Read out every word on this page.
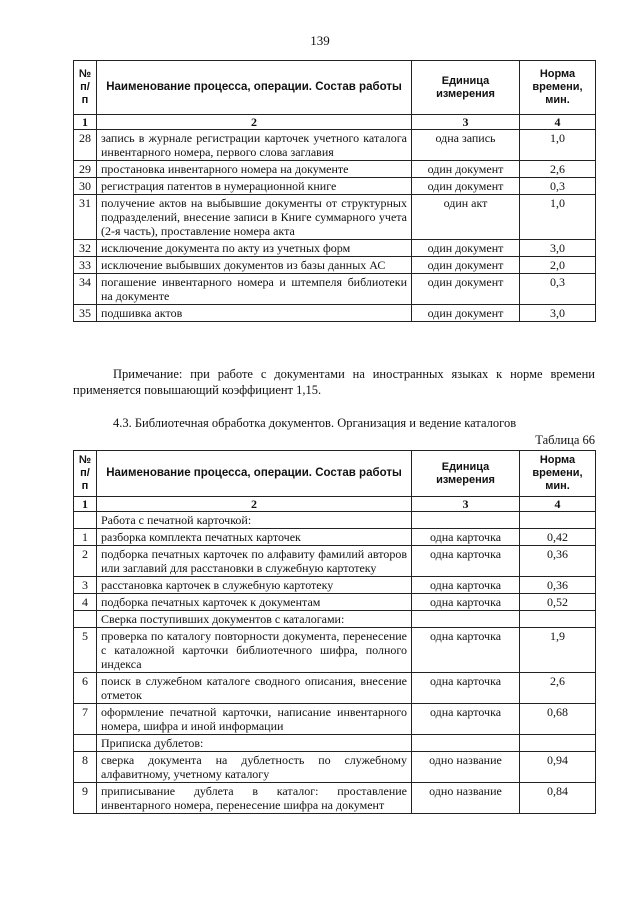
139
№ п/п	Наименование процесса, операции. Состав работы	Единица измерения	Норма времени, мин.
1	2	3	4
28	запись в журнале регистрации карточек учетного каталога инвентарного номера, первого слова заглавия	одна запись	1,0
29	простановка инвентарного номера на документе	один документ	2,6
30	регистрация патентов в нумерационной книге	один документ	0,3
31	получение актов на выбывшие документы от структурных подразделений, внесение записи в Книге суммарного учета (2-я часть), проставление номера акта	один акт	1,0
32	исключение документа по акту из учетных форм	один документ	3,0
33	исключение выбывших документов из базы данных АС	один документ	2,0
34	погашение инвентарного номера и штемпеля библиотеки на документе	один документ	0,3
35	подшивка актов	один документ	3,0

Примечание: при работе с документами на иностранных языках к норме времени применяется повышающий коэффициент 1,15.

4.3. Библиотечная обработка документов. Организация и ведение каталогов
Таблица 66
№ п/п	Наименование процесса, операции. Состав работы	Единица измерения	Норма времени, мин.
1	2	3	4
	Работа с печатной карточкой:		
1	разборка комплекта печатных карточек	одна карточка	0,42
2	подборка печатных карточек по алфавиту фамилий авторов или заглавий для расстановки в служебную картотеку	одна карточка	0,36
3	расстановка карточек в служебную картотеку	одна карточка	0,36
4	подборка печатных карточек к документам	одна карточка	0,52
	Сверка поступивших документов с каталогами:		
5	проверка по каталогу повторности документа, перенесение с каталожной карточки библиотечного шифра, полного индекса	одна карточка	1,9
6	поиск в служебном каталоге сводного описания, внесение отметок	одна карточка	2,6
7	оформление печатной карточки, написание инвентарного номера, шифра и иной информации	одна карточка	0,68
	Приписка дублетов:		
8	сверка документа на дублетность по служебному алфавитному, учетному каталогу	одно название	0,94
9	приписывание дублета в каталог: проставление инвентарного номера, перенесение шифра на документ	одно название	0,84
